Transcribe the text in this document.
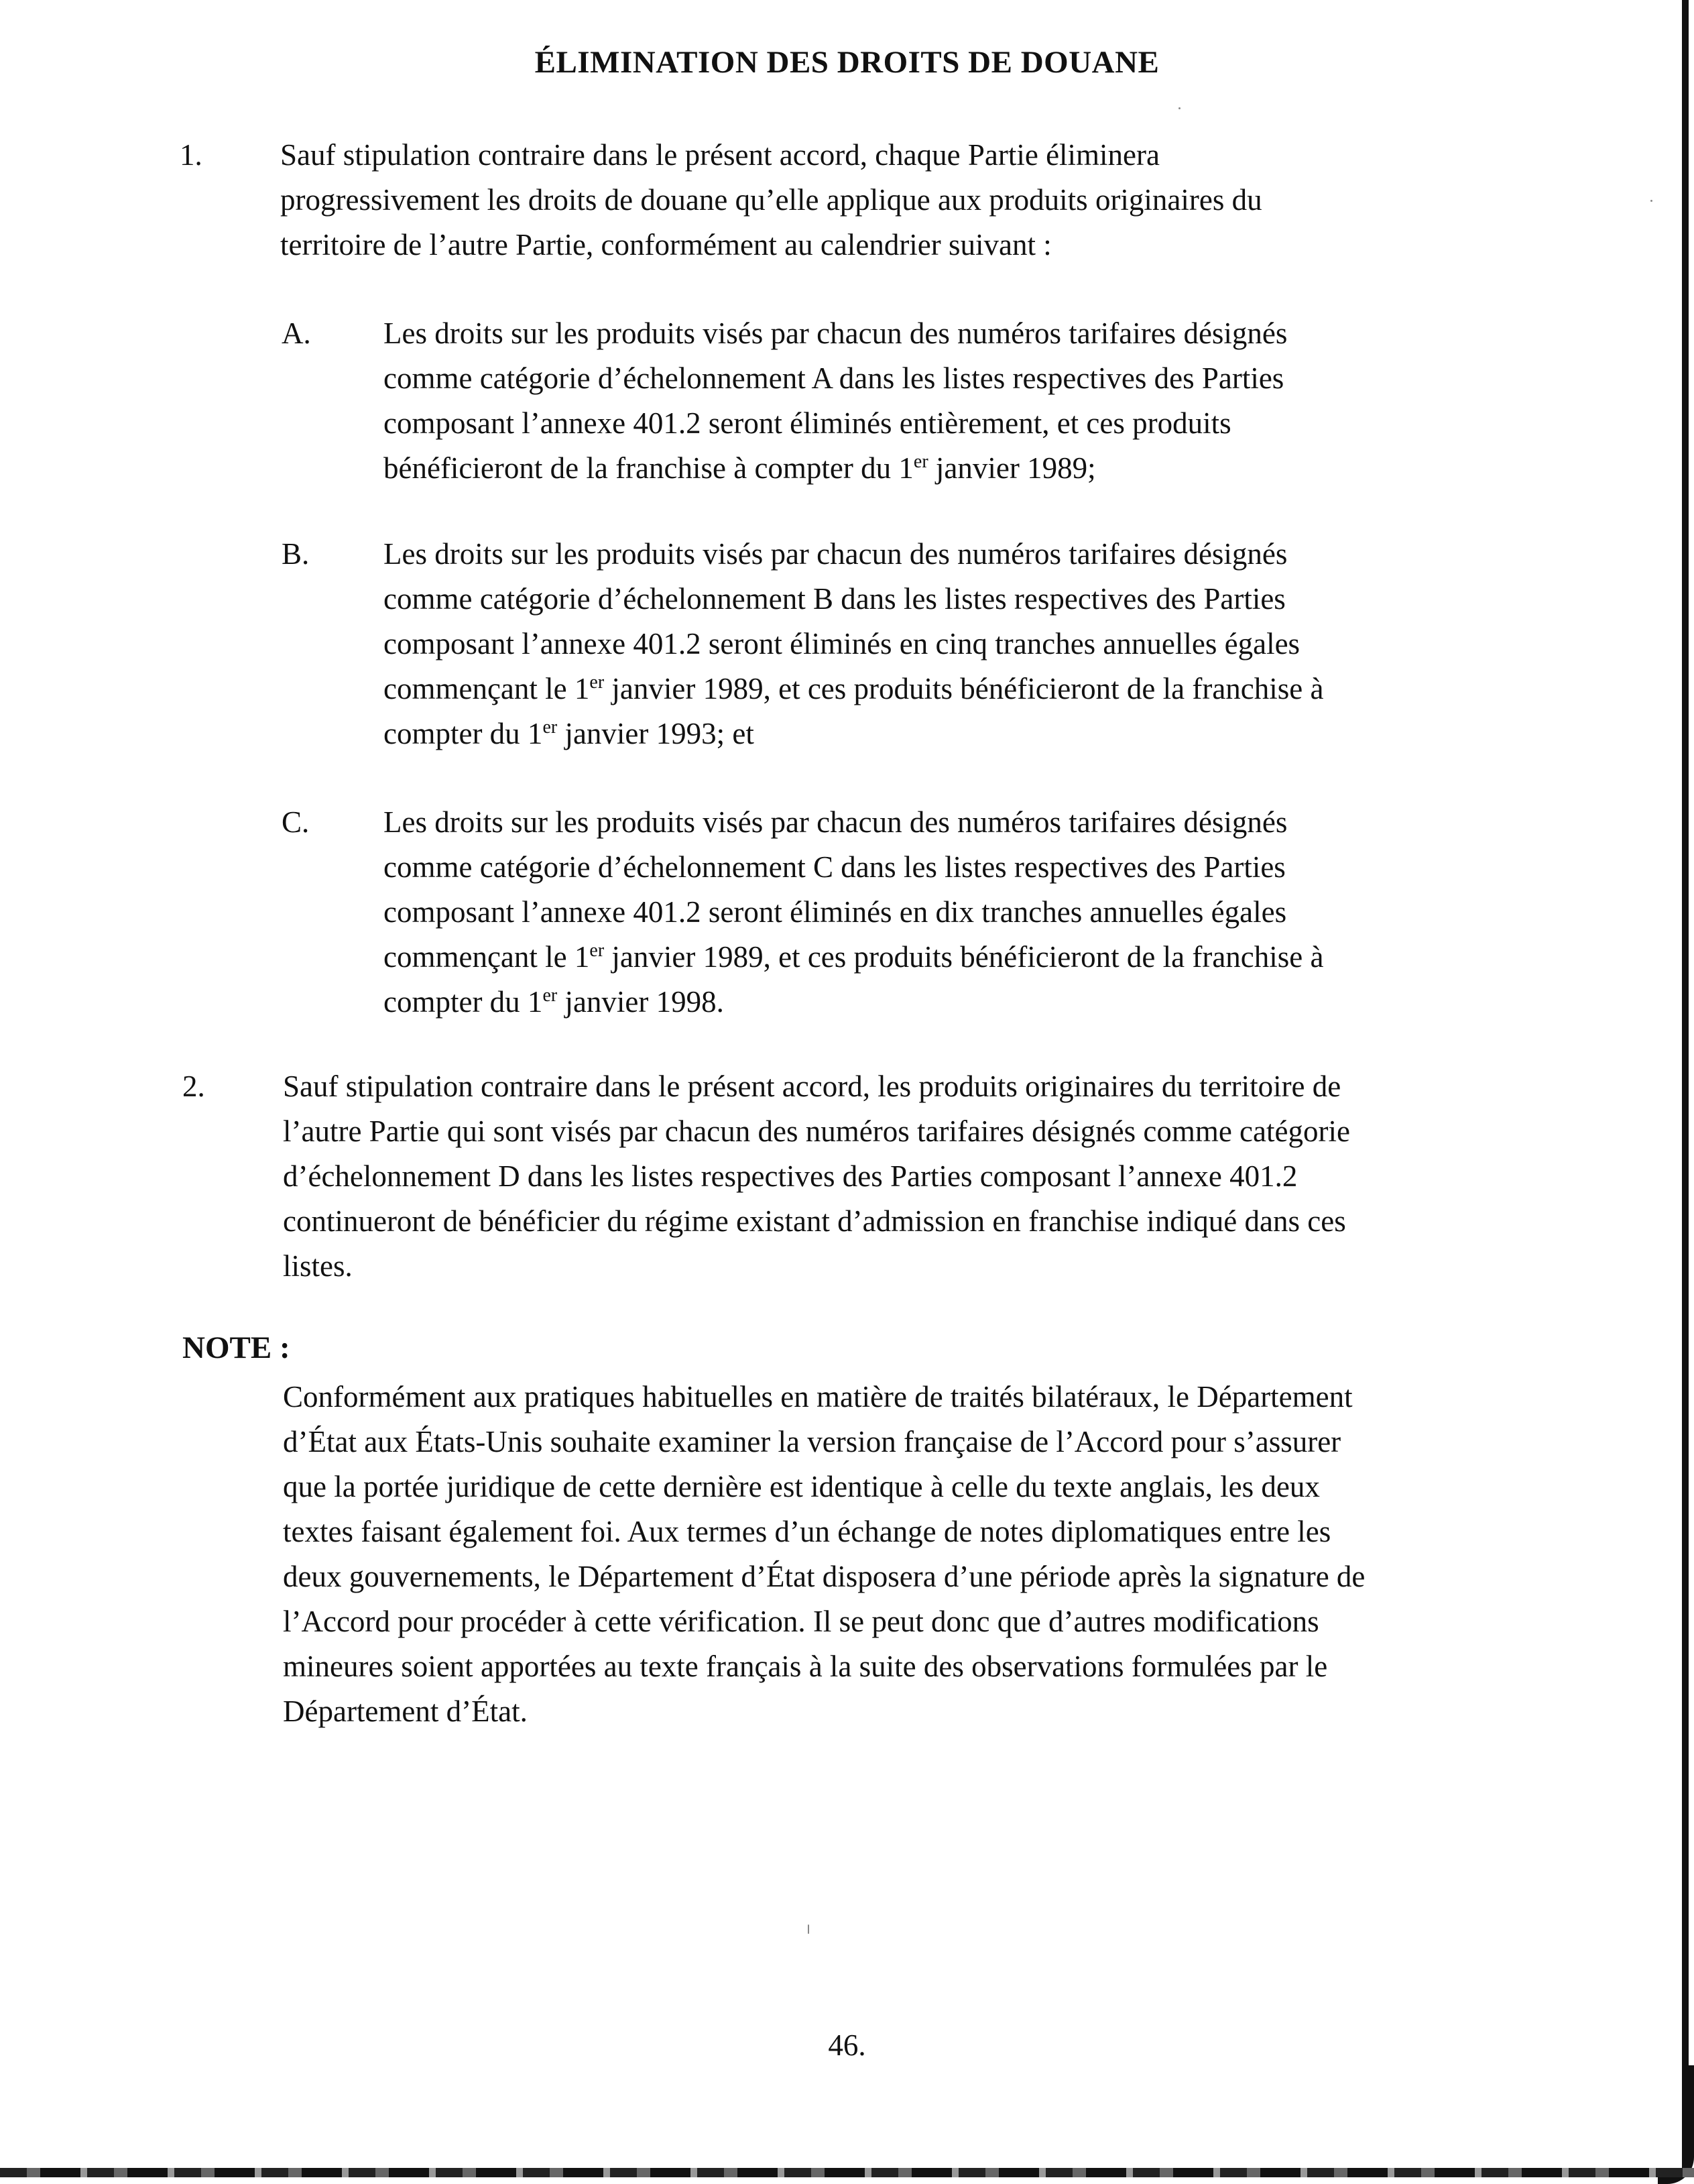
ÉLIMINATION DES DROITS DE DOUANE
1.	Sauf stipulation contraire dans le présent accord, chaque Partie éliminera
progressivement les droits de douane qu’elle applique aux produits originaires du
territoire de l’autre Partie, conformément au calendrier suivant :
A. Les droits sur les produits visés par chacun des numéros tarifaires désignés
comme catégorie d’échelonnement A dans les listes respectives des Parties
composant l’annexe 401.2 seront éliminés entièrement, et ces produits
bénéficieront de la franchise à compter du 1er janvier 1989;
B. Les droits sur les produits visés par chacun des numéros tarifaires désignés
comme catégorie d’échelonnement B dans les listes respectives des Parties
composant l’annexe 401.2 seront éliminés en cinq tranches annuelles égales
commençant le 1er janvier 1989, et ces produits bénéficieront de la franchise à
compter du 1er janvier 1993; et
C. Les droits sur les produits visés par chacun des numéros tarifaires désignés
comme catégorie d’échelonnement C dans les listes respectives des Parties
composant l’annexe 401.2 seront éliminés en dix tranches annuelles égales
commençant le 1er janvier 1989, et ces produits bénéficieront de la franchise à
compter du 1er janvier 1998.
2.	Sauf stipulation contraire dans le présent accord, les produits originaires du territoire de
l’autre Partie qui sont visés par chacun des numéros tarifaires désignés comme catégorie
d’échelonnement D dans les listes respectives des Parties composant l’annexe 401.2
continueront de bénéficier du régime existant d’admission en franchise indiqué dans ces
listes.
NOTE :
Conformément aux pratiques habituelles en matière de traités bilatéraux, le Département
d’État aux États-Unis souhaite examiner la version française de l’Accord pour s’assurer
que la portée juridique de cette dernière est identique à celle du texte anglais, les deux
textes faisant également foi. Aux termes d’un échange de notes diplomatiques entre les
deux gouvernements, le Département d’État disposera d’une période après la signature de
l’Accord pour procéder à cette vérification. Il se peut donc que d’autres modifications
mineures soient apportées au texte français à la suite des observations formulées par le
Département d’État.
46.
